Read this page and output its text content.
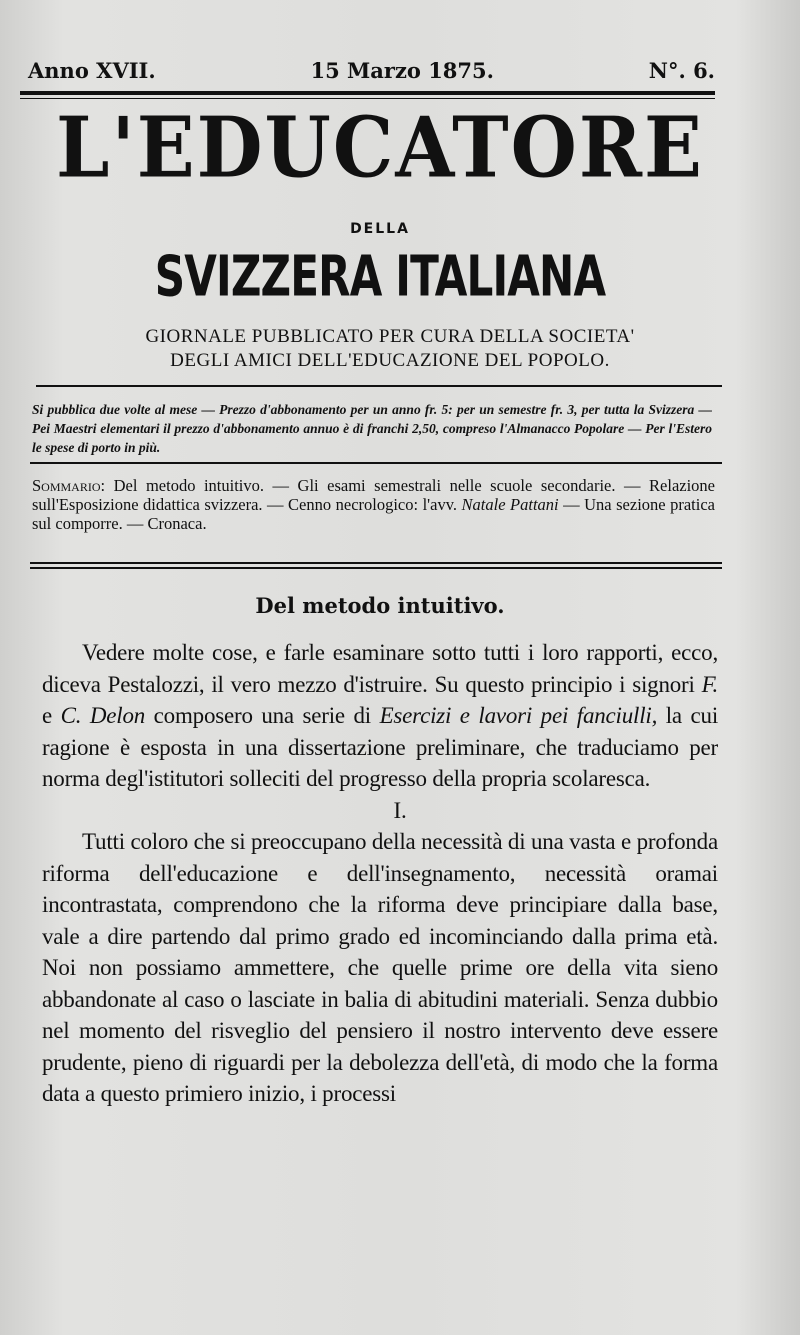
Anno XVII.	15 Marzo 1875.	N°. 6.
L'EDUCATORE
DELLA
SVIZZERA ITALIANA
GIORNALE PUBBLICATO PER CURA DELLA SOCIETA'
DEGLI AMICI DELL'EDUCAZIONE DEL POPOLO.
Si pubblica due volte al mese — Prezzo d'abbonamento per un anno fr. 5: per un semestre fr. 3, per tutta la Svizzera — Pei Maestri elementari il prezzo d'abbonamento annuo è di franchi 2,50, compreso l'Almanacco Popolare — Per l'Estero le spese di porto in più.
Sommario: Del metodo intuitivo. — Gli esami semestrali nelle scuole secondarie. — Relazione sull'Esposizione didattica svizzera. — Cenno necrologico: l'avv. Natale Pattani — Una sezione pratica sul comporre. — Cronaca.
Del metodo intuitivo.

Vedere molte cose, e farle esaminare sotto tutti i loro rapporti, ecco, diceva Pestalozzi, il vero mezzo d'istruire. Su questo principio i signori F. e C. Delon composero una serie di Esercizi e lavori pei fanciulli, la cui ragione è esposta in una dissertazione preliminare, che traduciamo per norma degl'istitutori solleciti del progresso della propria scolaresca.

I.

Tutti coloro che si preoccupano della necessità di una vasta e profonda riforma dell'educazione e dell'insegnamento, necessità oramai incontrastata, comprendono che la riforma deve principiare dalla base, vale a dire partendo dal primo grado ed incominciando dalla prima età. Noi non possiamo ammettere, che quelle prime ore della vita sieno abbandonate al caso o lasciate in balia di abitudini materiali. Senza dubbio nel momento del risveglio del pensiero il nostro intervento deve essere prudente, pieno di riguardi per la debolezza dell'età, di modo che la forma data a questo primiero inizio, i processi
